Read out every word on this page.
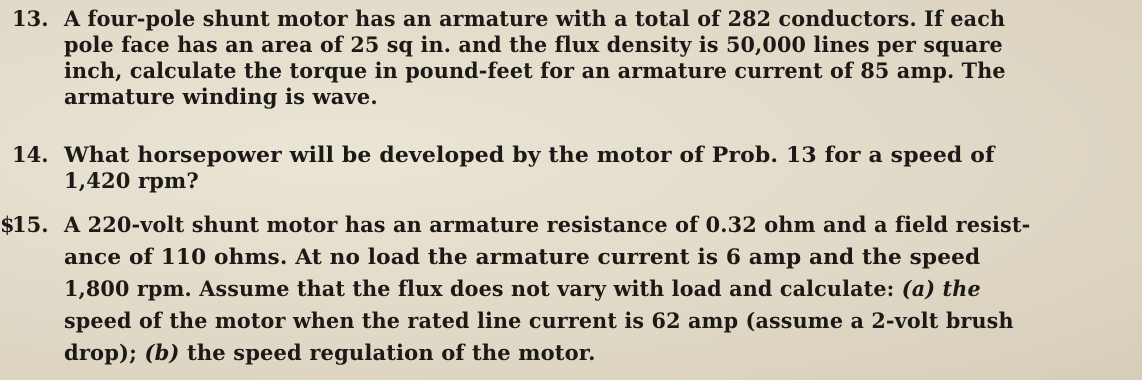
13. A four-pole shunt motor has an armature with a total of 282 conductors. If each
pole face has an area of 25 sq in. and the flux density is 50,000 lines per square
inch, calculate the torque in pound-feet for an armature current of 85 amp. The
armature winding is wave.
14. What horsepower will be developed by the motor of Prob. 13 for a speed of
1,420 rpm?
$
15. A 220-volt shunt motor has an armature resistance of 0.32 ohm and a field resist-
ance of 110 ohms. At no load the armature current is 6 amp and the speed
1,800 rpm. Assume that the flux does not vary with load and calculate: (a) the
speed of the motor when the rated line current is 62 amp (assume a 2-volt brush
drop); (b) the speed regulation of the motor.
